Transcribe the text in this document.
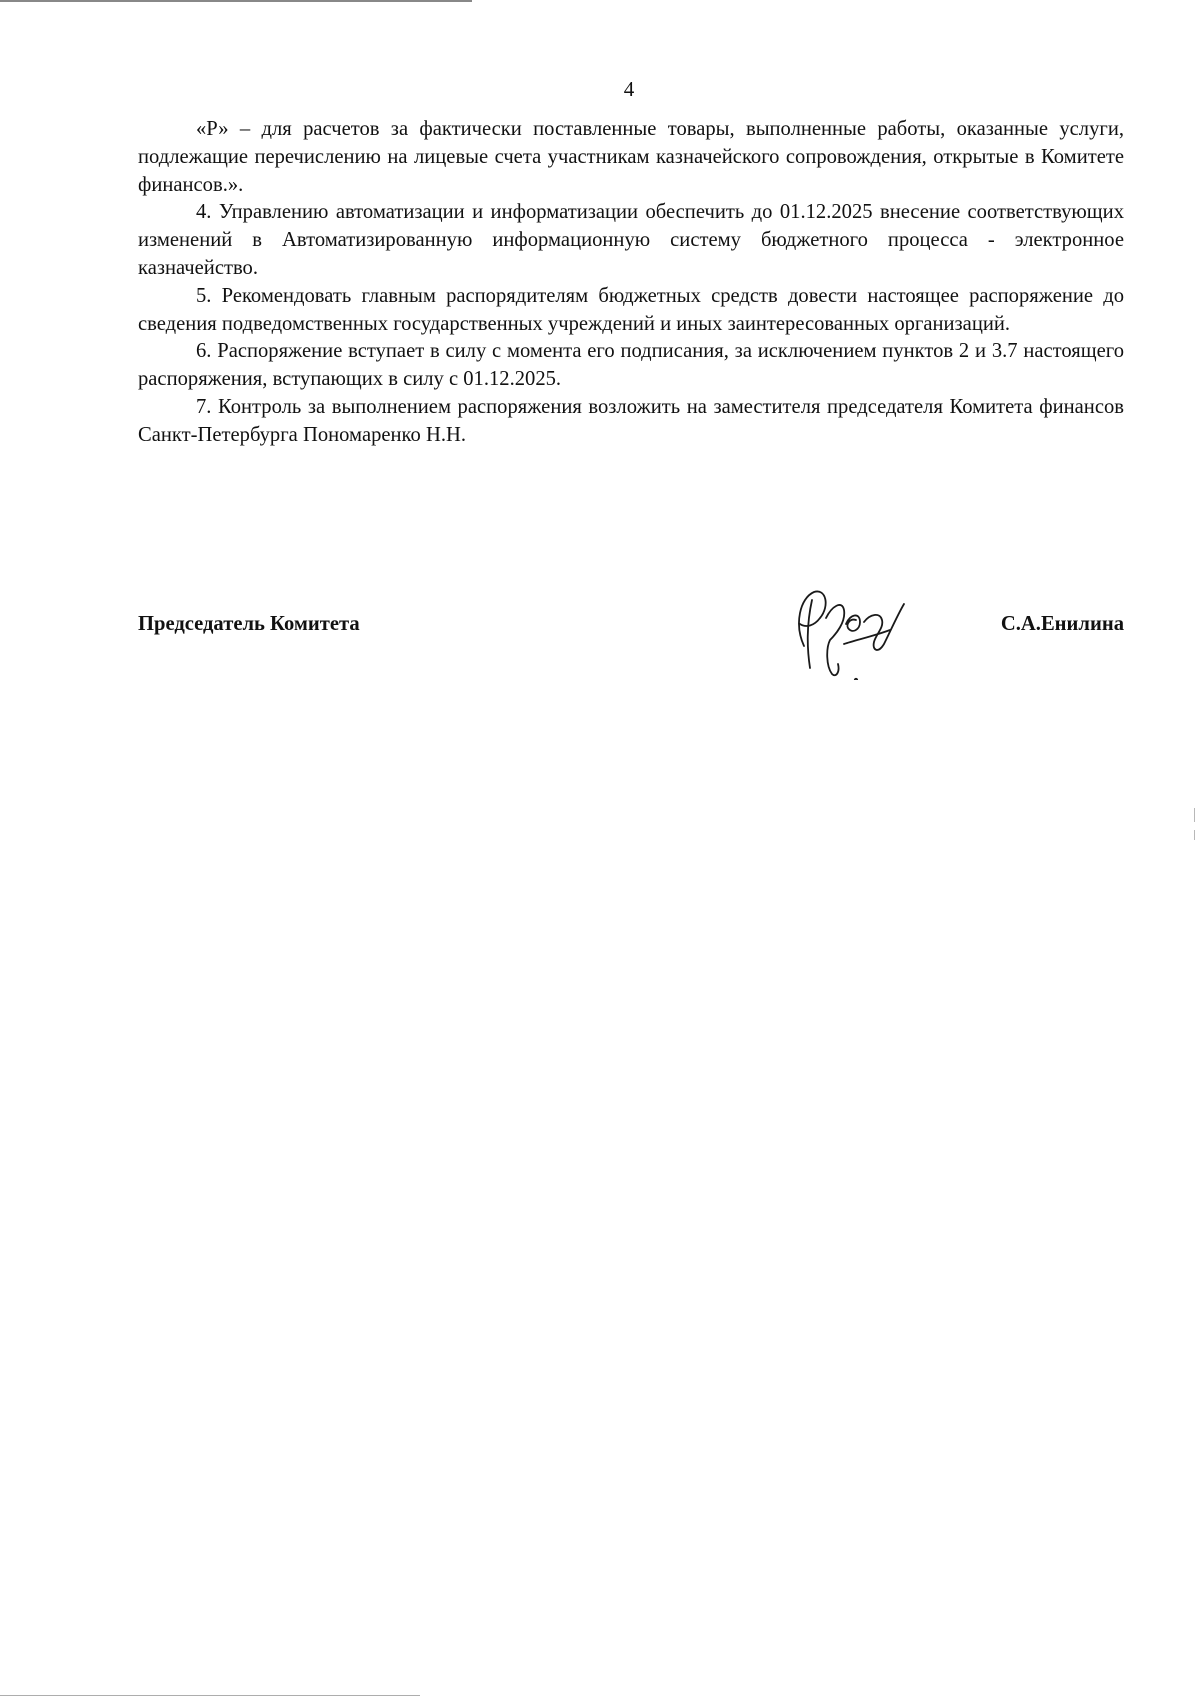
4

«Р» – для расчетов за фактически поставленные товары, выполненные работы, оказанные услуги, подлежащие перечислению на лицевые счета участникам казначейского сопровождения, открытые в Комитете финансов.».

4. Управлению автоматизации и информатизации обеспечить до 01.12.2025 внесение соответствующих изменений в Автоматизированную информационную систему бюджетного процесса - электронное казначейство.

5. Рекомендовать главным распорядителям бюджетных средств довести настоящее распоряжение до сведения подведомственных государственных учреждений и иных заинтересованных организаций.

6. Распоряжение вступает в силу с момента его подписания, за исключением пунктов 2 и 3.7 настоящего распоряжения, вступающих в силу с 01.12.2025.

7. Контроль за выполнением распоряжения возложить на заместителя председателя Комитета финансов Санкт-Петербурга Пономаренко Н.Н.

Председатель Комитета	С.А.Енилина
